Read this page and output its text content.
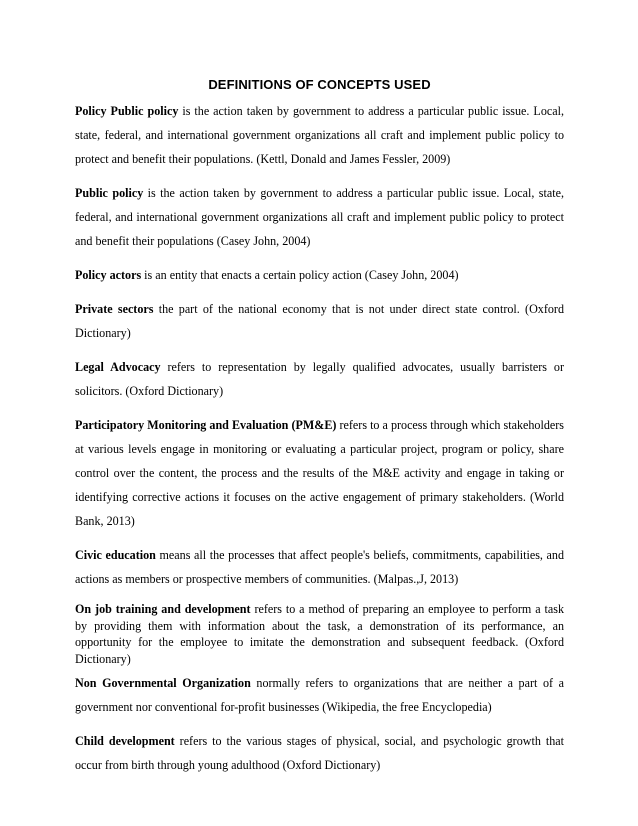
DEFINITIONS OF CONCEPTS USED

Policy Public policy is the action taken by government to address a particular public issue. Local, state, federal, and international government organizations all craft and implement public policy to protect and benefit their populations. (Kettl, Donald and James Fessler, 2009)

Public policy is the action taken by government to address a particular public issue. Local, state, federal, and international government organizations all craft and implement public policy to protect and benefit their populations (Casey John, 2004)

Policy actors is an entity that enacts a certain policy action (Casey John, 2004)

Private sectors the part of the national economy that is not under direct state control. (Oxford Dictionary)

Legal Advocacy refers to representation by legally qualified advocates, usually barristers or solicitors. (Oxford Dictionary)

Participatory Monitoring and Evaluation (PM&E) refers to a process through which stakeholders at various levels engage in monitoring or evaluating a particular project, program or policy, share control over the content, the process and the results of the M&E activity and engage in taking or identifying corrective actions it focuses on the active engagement of primary stakeholders. (World Bank, 2013)

Civic education means all the processes that affect people's beliefs, commitments, capabilities, and actions as members or prospective members of communities. (Malpas.,J, 2013)

On job training and development refers to a method of preparing an employee to perform a task by providing them with information about the task, a demonstration of its performance, an opportunity for the employee to imitate the demonstration and subsequent feedback. (Oxford Dictionary)

Non Governmental Organization normally refers to organizations that are neither a part of a government nor conventional for-profit businesses (Wikipedia, the free Encyclopedia)

Child development refers to the various stages of physical, social, and psychologic growth that occur from birth through young adulthood (Oxford Dictionary)
